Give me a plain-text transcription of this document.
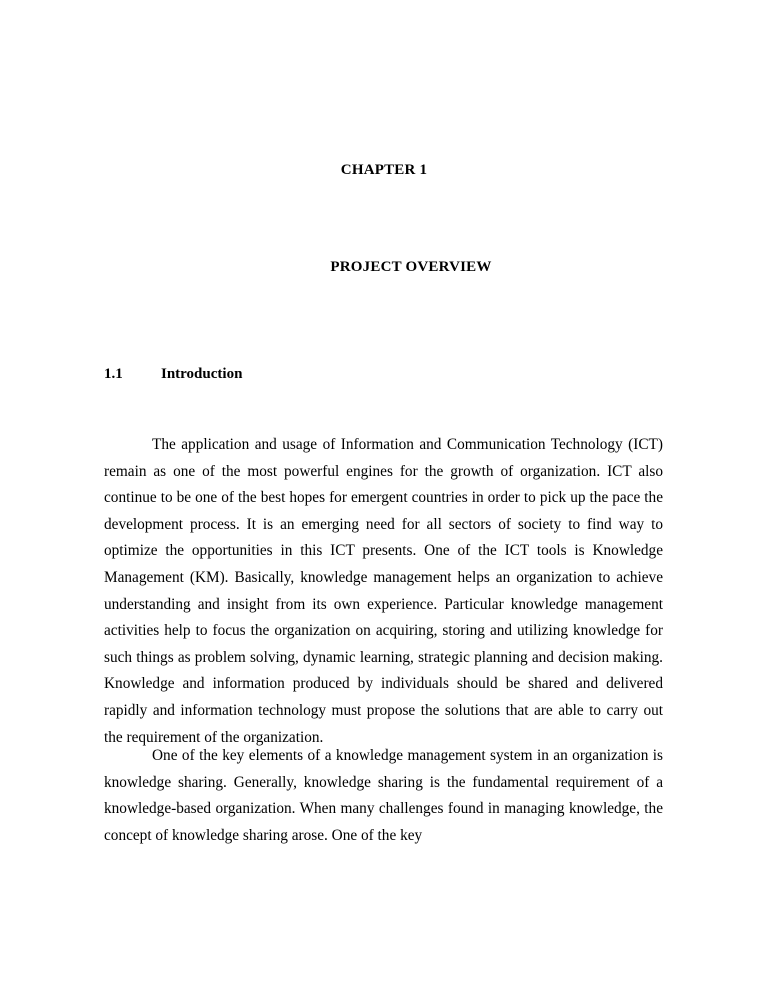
CHAPTER 1
PROJECT OVERVIEW
1.1	Introduction

The application and usage of Information and Communication Technology (ICT) remain as one of the most powerful engines for the growth of organization. ICT also continue to be one of the best hopes for emergent countries in order to pick up the pace the development process. It is an emerging need for all sectors of society to find way to optimize the opportunities in this ICT presents. One of the ICT tools is Knowledge Management (KM). Basically, knowledge management helps an organization to achieve understanding and insight from its own experience. Particular knowledge management activities help to focus the organization on acquiring, storing and utilizing knowledge for such things as problem solving, dynamic learning, strategic planning and decision making. Knowledge and information produced by individuals should be shared and delivered rapidly and information technology must propose the solutions that are able to carry out the requirement of the organization.

One of the key elements of a knowledge management system in an organization is knowledge sharing. Generally, knowledge sharing is the fundamental requirement of a knowledge-based organization. When many challenges found in managing knowledge, the concept of knowledge sharing arose. One of the key
